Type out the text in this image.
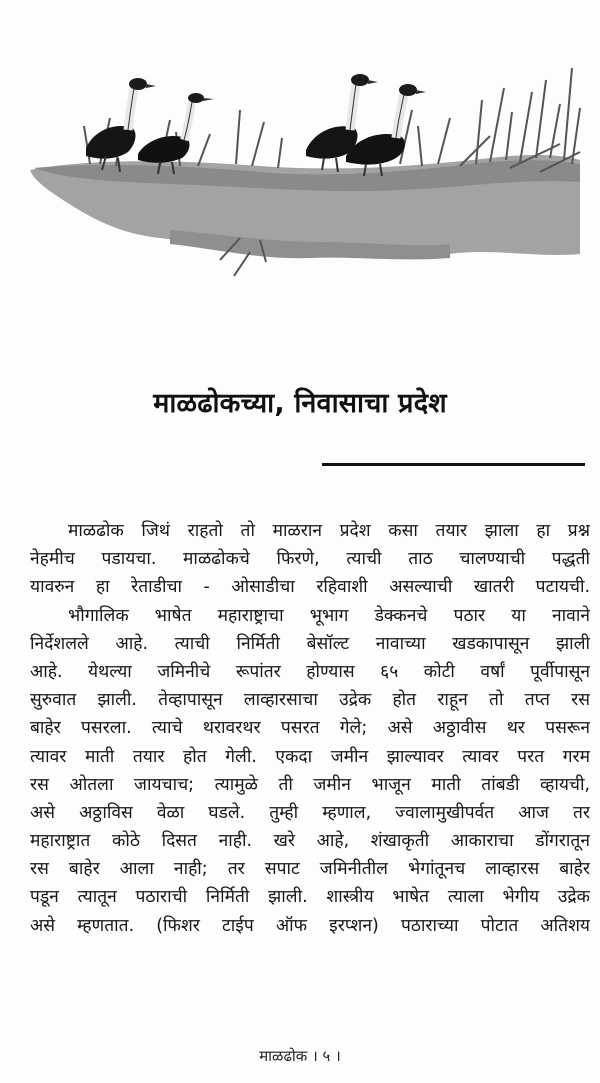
माळढोकच्या, निवासाचा प्रदेश
माळढोक जिथं राहतो तो माळरान प्रदेश कसा तयार झाला हा प्रश्न
नेहमीच पडायचा. माळढोकचे फिरणे, त्याची ताठ चालण्याची पद्धती
यावरुन हा रेताडीचा - ओसाडीचा रहिवाशी असल्याची खातरी पटायची.
भौगालिक भाषेत महाराष्ट्राचा भूभाग डेक्कनचे पठार या नावाने
निर्देशलले आहे. त्याची निर्मिती बेसॉल्ट नावाच्या खडकापासून झाली
आहे. येथल्या जमिनीचे रूपांतर होण्यास ६५ कोटी वर्षां पूर्वीपासून
सुरुवात झाली. तेव्हापासून लाव्हारसाचा उद्रेक होत राहून तो तप्त रस
बाहेर पसरला. त्याचे थरावरथर पसरत गेले; असे अठ्ठावीस थर पसरून
त्यावर माती तयार होत गेली. एकदा जमीन झाल्यावर त्यावर परत गरम
रस ओतला जायचाच; त्यामुळे ती जमीन भाजून माती तांबडी व्हायची,
असे अठ्ठाविस वेळा घडले. तुम्ही म्हणाल, ज्वालामुखीपर्वत आज तर
महाराष्ट्रात कोठे दिसत नाही. खरे आहे, शंखाकृती आकाराचा डोंगरातून
रस बाहेर आला नाही; तर सपाट जमिनीतील भेगांतूनच लाव्हारस बाहेर
पडून त्यातून पठाराची निर्मिती झाली. शास्त्रीय भाषेत त्याला भेगीय उद्रेक
असे म्हणतात. (फिशर टाईप ऑफ इरप्शन) पठाराच्या पोटात अतिशय
माळढोक । ५ ।
